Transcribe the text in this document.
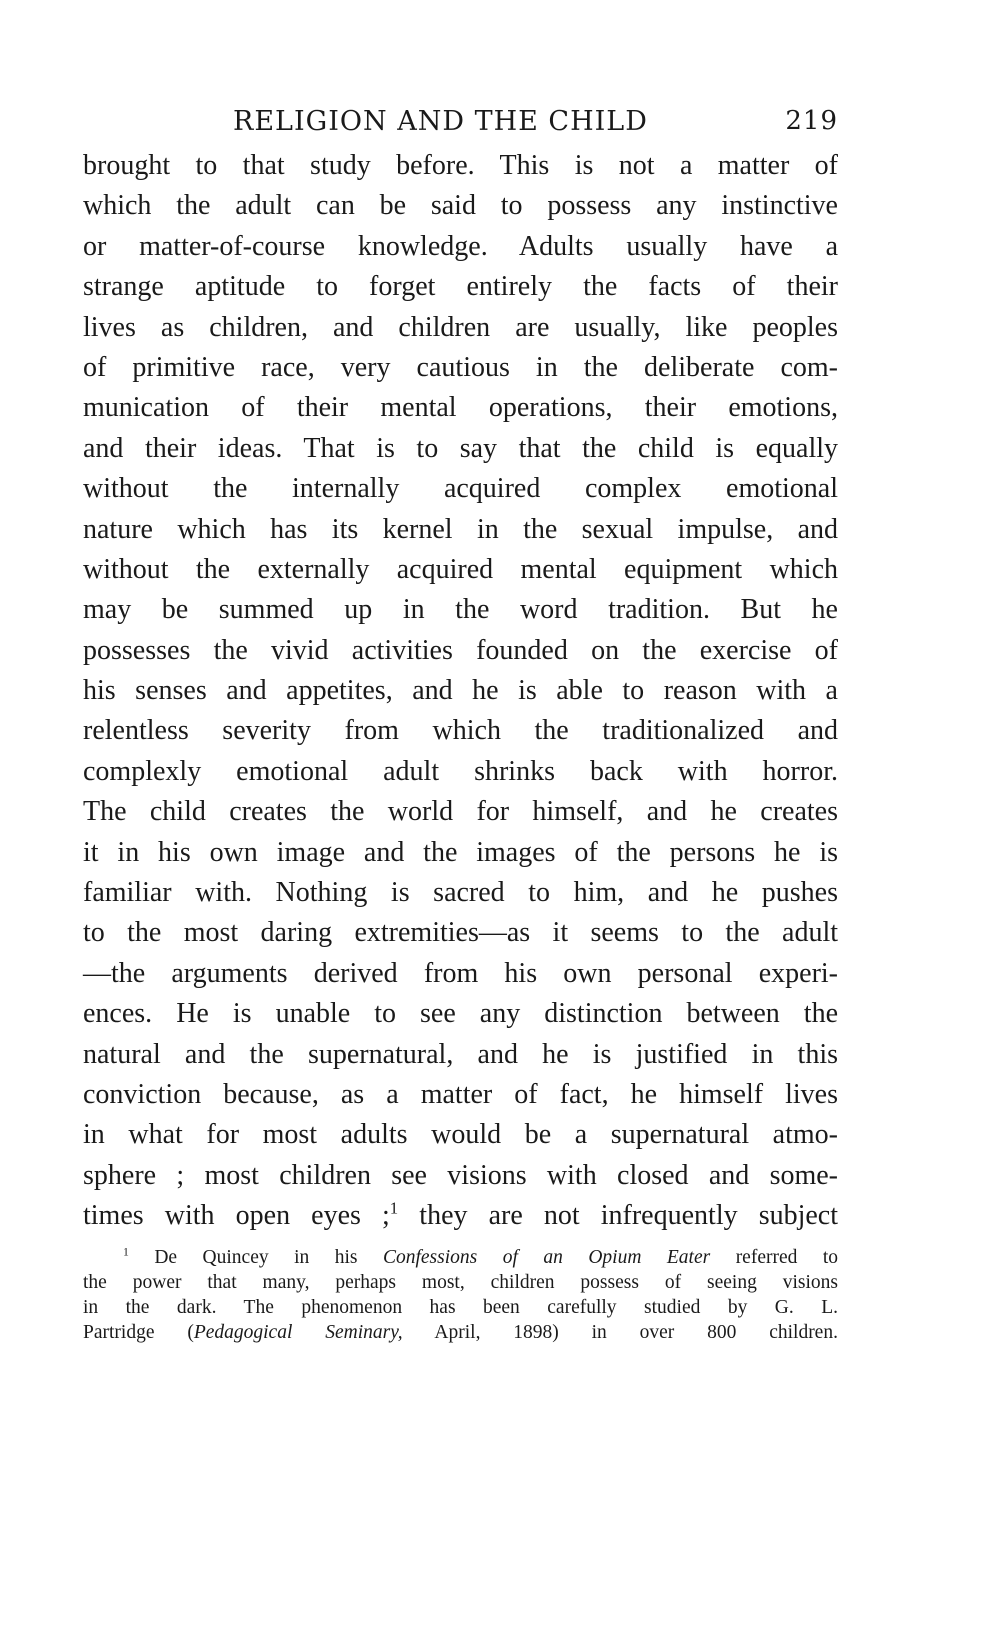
RELIGION AND THE CHILD	219
brought to that study before. This is not a matter of
which the adult can be said to possess any instinctive
or matter-of-course knowledge. Adults usually have a
strange aptitude to forget entirely the facts of their
lives as children, and children are usually, like peoples
of primitive race, very cautious in the deliberate com-
munication of their mental operations, their emotions,
and their ideas. That is to say that the child is equally
without the internally acquired complex emotional
nature which has its kernel in the sexual impulse, and
without the externally acquired mental equipment which
may be summed up in the word tradition. But he
possesses the vivid activities founded on the exercise of
his senses and appetites, and he is able to reason with a
relentless severity from which the traditionalized and
complexly emotional adult shrinks back with horror.
The child creates the world for himself, and he creates
it in his own image and the images of the persons he is
familiar with. Nothing is sacred to him, and he pushes
to the most daring extremities—as it seems to the adult
—the arguments derived from his own personal experi-
ences. He is unable to see any distinction between the
natural and the supernatural, and he is justified in this
conviction because, as a matter of fact, he himself lives
in what for most adults would be a supernatural atmo-
sphere ; most children see visions with closed and some-
times with open eyes ;$^1$ they are not infrequently subject
$^1$ De Quincey in his Confessions of an Opium Eater referred to
the power that many, perhaps most, children possess of seeing visions
in the dark. The phenomenon has been carefully studied by G. L.
Partridge (Pedagogical Seminary, April, 1898) in over 800 children.
